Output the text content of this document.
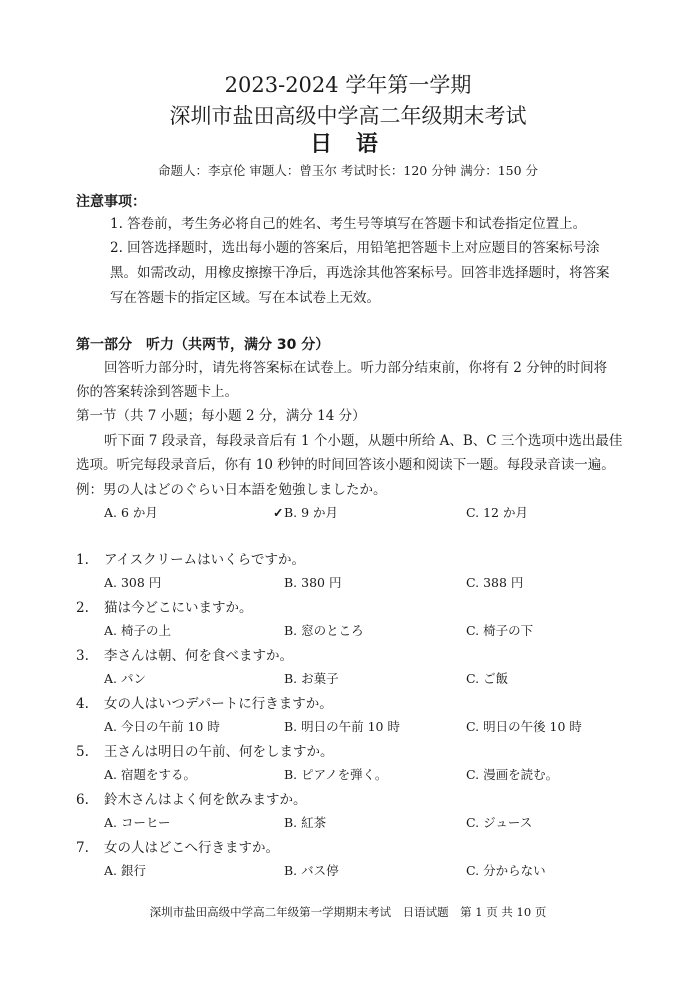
2023-2024 学年第一学期
深圳市盐田高级中学高二年级期末考试
日 语
命题人：李京伦 审题人：曾玉尔 考试时长：120 分钟 满分：150 分
注意事项：
1. 答卷前，考生务必将自己的姓名、考生号等填写在答题卡和试卷指定位置上。
2. 回答选择题时，选出每小题的答案后，用铅笔把答题卡上对应题目的答案标号涂
黑。如需改动，用橡皮擦擦干净后，再选涂其他答案标号。回答非选择题时，将答案
写在答题卡的指定区域。写在本试卷上无效。
第一部分　听力（共两节，满分 30 分）
回答听力部分时，请先将答案标在试卷上。听力部分结束前，你将有 2 分钟的时间将
你的答案转涂到答题卡上。
第一节（共 7 小题；每小题 2 分，满分 14 分）
听下面 7 段录音，每段录音后有 1 个小题，从题中所给 A、B、C 三个选项中选出最佳
选项。听完每段录音后，你有 10 秒钟的时间回答该小题和阅读下一题。每段录音读一遍。
例：男の人はどのぐらい日本語を勉強しましたか。
A. 6 か月	✓ B. 9 か月	C. 12 か月
1. アイスクリームはいくらですか。
A. 308 円	B. 380 円	C. 388 円
2. 猫は今どこにいますか。
A. 椅子の上	B. 窓のところ	C. 椅子の下
3. 李さんは朝、何を食べますか。
A. パン	B. お菓子	C. ご飯
4. 女の人はいつデパートに行きますか。
A. 今日の午前 10 時	B. 明日の午前 10 時	C. 明日の午後 10 時
5. 王さんは明日の午前、何をしますか。
A. 宿題をする。	B. ピアノを弾く。	C. 漫画を読む。
6. 鈴木さんはよく何を飲みますか。
A. コーヒー	B. 紅茶	C. ジュース
7. 女の人はどこへ行きますか。
A. 銀行	B. バス停	C. 分からない
深圳市盐田高级中学高二年级第一学期期末考试　日语试题　第 1 页 共 10 页
